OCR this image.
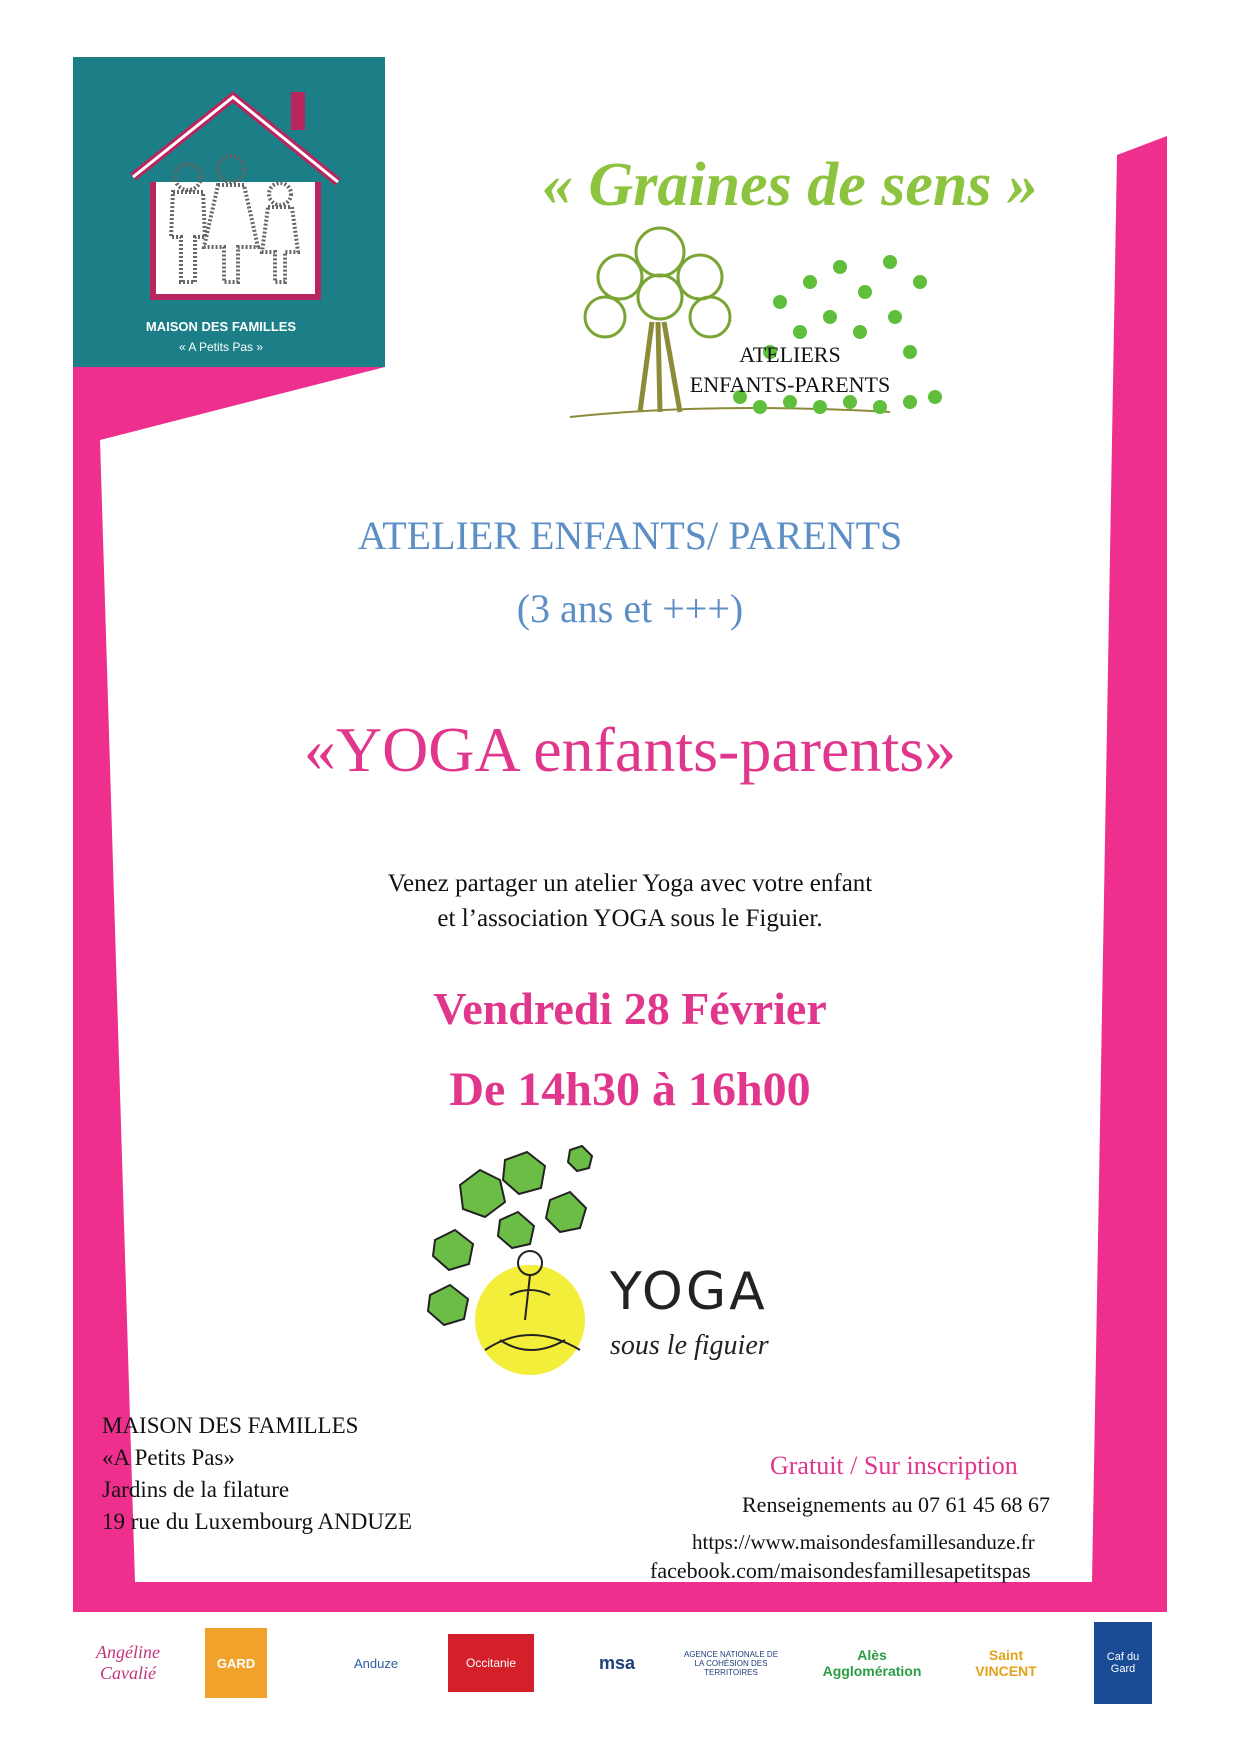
MAISON DES FAMILLES
« A Petits Pas »
Février
« Graines de sens »
ATELIERS
ENFANTS-PARENTS
ATELIER ENFANTS/ PARENTS
(3 ans et +++)
«YOGA enfants-parents»
Venez partager un atelier Yoga avec votre enfant
et l’association YOGA sous le Figuier.
Vendredi 28 Février
De 14h30 à 16h00
YOGA
sous le figuier
MAISON DES FAMILLES
«A Petits Pas»
Jardins de la filature
19 rue du Luxembourg ANDUZE
Gratuit / Sur inscription
Renseignements au 07 61 45 68 67
https://www.maisondesfamillesanduze.fr
facebook.com/maisondesfamillesapetitspas
Angéline Cavalié	GARD	Anduze	Occitanie	msa	AGENCE NATIONALE DE LA COHÉSION DES TERRITOIRES
Alès Agglomération
Saint VINCENT
Caf du Gard
